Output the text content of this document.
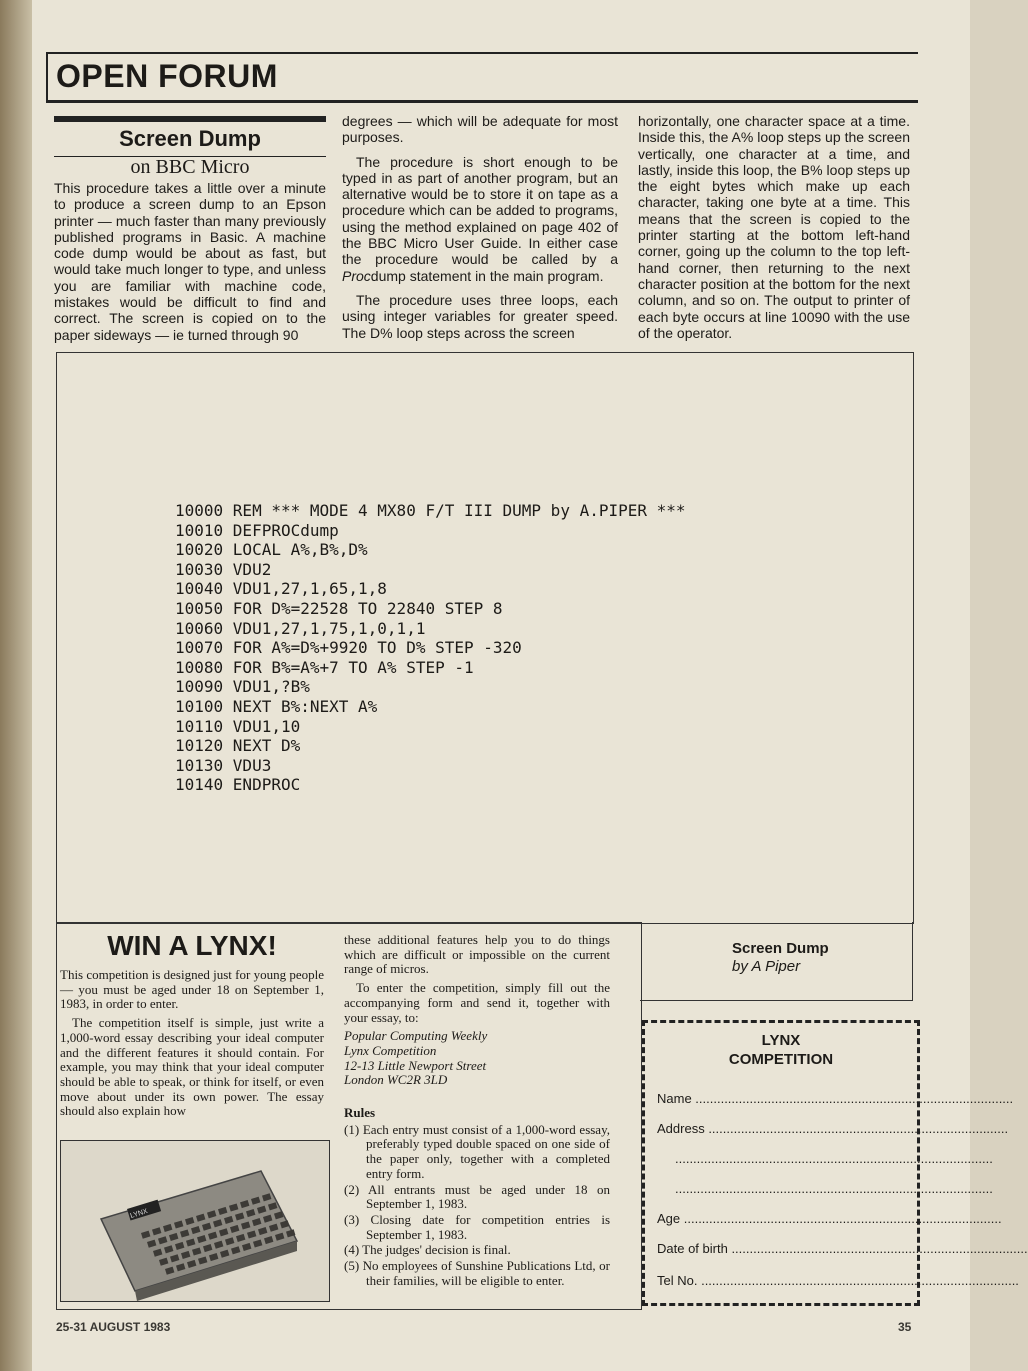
OPEN FORUM
Screen Dump
on BBC Micro

This procedure takes a little over a minute to produce a screen dump to an Epson printer — much faster than many previously published programs in Basic. A machine code dump would be about as fast, but would take much longer to type, and unless you are familiar with machine code, mistakes would be difficult to find and correct. The screen is copied on to the paper sideways — ie turned through 90

degrees — which will be adequate for most purposes.

The procedure is short enough to be typed in as part of another program, but an alternative would be to store it on tape as a procedure which can be added to programs, using the method explained on page 402 of the BBC Micro User Guide. In either case the procedure would be called by a Procdump statement in the main program.

The procedure uses three loops, each using integer variables for greater speed. The D% loop steps across the screen

horizontally, one character space at a time. Inside this, the A% loop steps up the screen vertically, one character at a time, and lastly, inside this loop, the B% loop steps up the eight bytes which make up each character, taking one byte at a time. This means that the screen is copied to the printer starting at the bottom left-hand corner, going up the column to the top left-hand corner, then returning to the next character position at the bottom for the next column, and so on. The output to printer of each byte occurs at line 10090 with the use of the operator.

10000 REM *** MODE 4 MX80 F/T III DUMP by A.PIPER ***
10010 DEFPROCdump
10020 LOCAL A%,B%,D%
10030 VDU2
10040 VDU1,27,1,65,1,8
10050 FOR D%=22528 TO 22840 STEP 8
10060 VDU1,27,1,75,1,0,1,1
10070 FOR A%=D%+9920 TO D% STEP -320
10080 FOR B%=A%+7 TO A% STEP -1
10090 VDU1,?B%
10100 NEXT B%:NEXT A%
10110 VDU1,10
10120 NEXT D%
10130 VDU3
10140 ENDPROC
Screen Dump
by A Piper
WIN A LYNX!

This competition is designed just for young people — you must be aged under 18 on September 1, 1983, in order to enter.

The competition itself is simple, just write a 1,000-word essay describing your ideal computer and the different features it should contain. For example, you may think that your ideal computer should be able to speak, or think for itself, or even move about under its own power. The essay should also explain how

LYNX

these additional features help you to do things which are difficult or impossible on the current range of micros.

To enter the competition, simply fill out the accompanying form and send it, together with your essay, to:

Popular Computing Weekly
Lynx Competition
12-13 Little Newport Street
London WC2R 3LD
Rules
(1) Each entry must consist of a 1,000-word essay, preferably typed double spaced on one side of the paper only, together with a completed entry form.
(2) All entrants must be aged under 18 on September 1, 1983.
(3) Closing date for competition entries is September 1, 1983.
(4) The judges' decision is final.
(5) No employees of Sunshine Publications Ltd, or their families, will be eligible to enter.
LYNX
COMPETITION
Name ........................................................................................
Address ...................................................................................
........................................................................................
........................................................................................
Age ........................................................................................
Date of birth ..................................................................................
Tel No. ........................................................................................
25-31 AUGUST 1983	35
